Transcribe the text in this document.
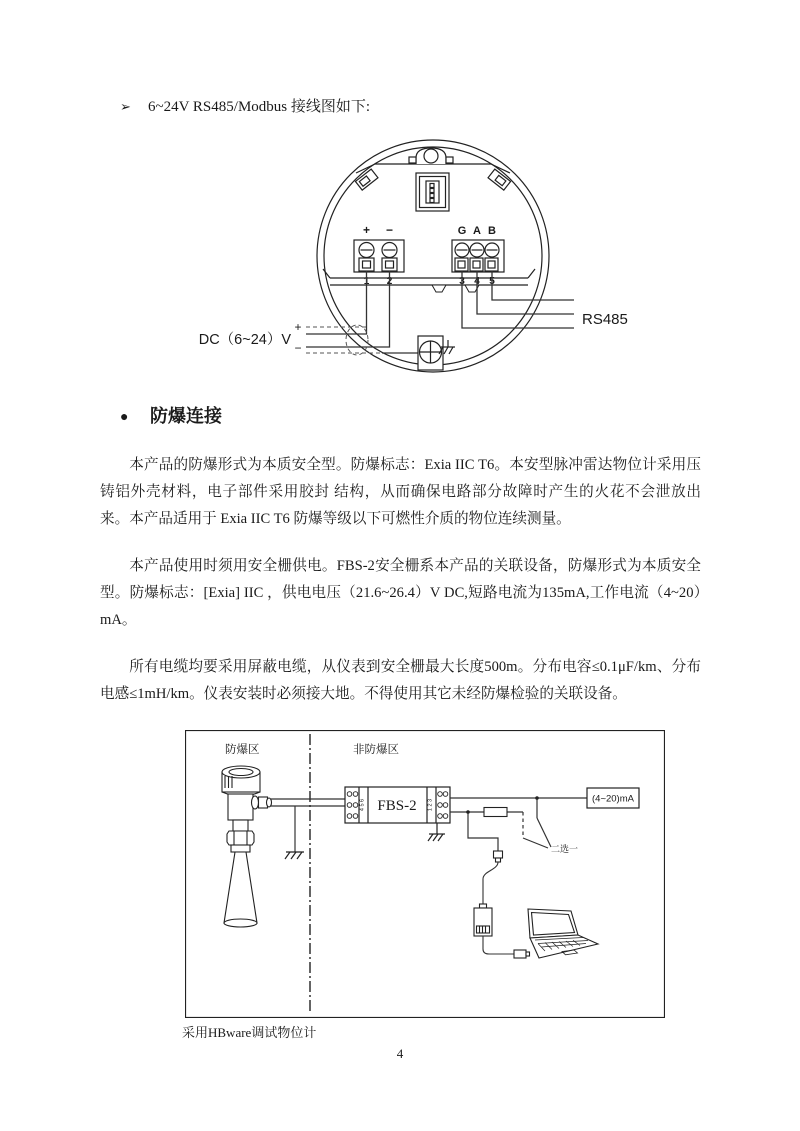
➢ 6~24V RS485/Modbus 接线图如下:
+ −	G A B
1 2	3 4 5
RS485
DC（6~24）V
+
−
● 防爆连接

本产品的防爆形式为本质安全型。防爆标志：Exia IIC T6。本安型脉冲雷达物位计采用压铸铝外壳材料，电子部件采用胶封 结构，从而确保电路部分故障时产生的火花不会泄放出来。本产品适用于 Exia IIC T6 防爆等级以下可燃性介质的物位连续测量。

本产品使用时须用安全栅供电。FBS-2安全栅系本产品的关联设备，防爆形式为本质安全型。防爆标志：[Exia] IIC ，供电电压（21.6~26.4）V DC,短路电流为135mA,工作电流（4~20）mA。

所有电缆均要采用屏蔽电缆，从仪表到安全栅最大长度500m。分布电容≤0.1μF/km、分布电感≤1mH/km。仪表安装时必须接大地。不得使用其它未经防爆检验的关联设备。

防爆区	非防爆区
4 5 6	1 2 3
FBS-2
二选一
(4~20)mA
采用HBware调试物位计
4
